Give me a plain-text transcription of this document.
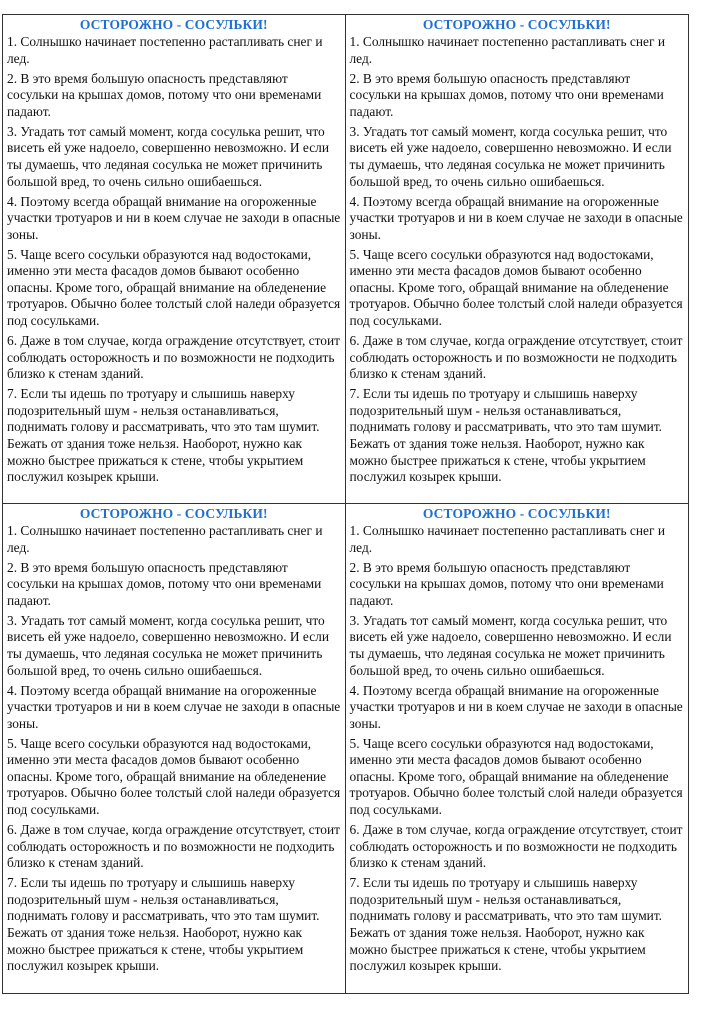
ОСТОРОЖНО - СОСУЛЬКИ!

1. Солнышко начинает постепенно растапливать снег и лед.

2. В это время большую опасность представляют сосульки на крышах домов, потому что они временами падают.

3. Угадать тот самый момент, когда сосулька решит, что висеть ей уже надоело, совершенно невозможно. И если ты думаешь, что ледяная сосулька не может причинить большой вред, то очень сильно ошибаешься.

4. Поэтому всегда обращай внимание на огороженные участки тротуаров и ни в коем случае не заходи в опасные зоны.

5. Чаще всего сосульки образуются над водостоками, именно эти места фасадов домов бывают особенно опасны. Кроме того, обращай внимание на обледенение тротуаров. Обычно более толстый слой наледи образуется под сосульками.

6. Даже в том случае, когда ограждение отсутствует, стоит соблюдать осторожность и по возможности не подходить близко к стенам зданий.

7. Если ты идешь по тротуару и слышишь наверху подозрительный шум - нельзя останавливаться, поднимать голову и рассматривать, что это там шумит. Бежать от здания тоже нельзя. Наоборот, нужно как можно быстрее прижаться к стене, чтобы укрытием послужил козырек крыши.

ОСТОРОЖНО - СОСУЛЬКИ!

1. Солнышко начинает постепенно растапливать снег и лед.

2. В это время большую опасность представляют сосульки на крышах домов, потому что они временами падают.

3. Угадать тот самый момент, когда сосулька решит, что висеть ей уже надоело, совершенно невозможно. И если ты думаешь, что ледяная сосулька не может причинить большой вред, то очень сильно ошибаешься.

4. Поэтому всегда обращай внимание на огороженные участки тротуаров и ни в коем случае не заходи в опасные зоны.

5. Чаще всего сосульки образуются над водостоками, именно эти места фасадов домов бывают особенно опасны. Кроме того, обращай внимание на обледенение тротуаров. Обычно более толстый слой наледи образуется под сосульками.

6. Даже в том случае, когда ограждение отсутствует, стоит соблюдать осторожность и по возможности не подходить близко к стенам зданий.

7. Если ты идешь по тротуару и слышишь наверху подозрительный шум - нельзя останавливаться, поднимать голову и рассматривать, что это там шумит. Бежать от здания тоже нельзя. Наоборот, нужно как можно быстрее прижаться к стене, чтобы укрытием послужил козырек крыши.

ОСТОРОЖНО - СОСУЛЬКИ!

1. Солнышко начинает постепенно растапливать снег и лед.

2. В это время большую опасность представляют сосульки на крышах домов, потому что они временами падают.

3. Угадать тот самый момент, когда сосулька решит, что висеть ей уже надоело, совершенно невозможно. И если ты думаешь, что ледяная сосулька не может причинить большой вред, то очень сильно ошибаешься.

4. Поэтому всегда обращай внимание на огороженные участки тротуаров и ни в коем случае не заходи в опасные зоны.

5. Чаще всего сосульки образуются над водостоками, именно эти места фасадов домов бывают особенно опасны. Кроме того, обращай внимание на обледенение тротуаров. Обычно более толстый слой наледи образуется под сосульками.

6. Даже в том случае, когда ограждение отсутствует, стоит соблюдать осторожность и по возможности не подходить близко к стенам зданий.

7. Если ты идешь по тротуару и слышишь наверху подозрительный шум - нельзя останавливаться, поднимать голову и рассматривать, что это там шумит. Бежать от здания тоже нельзя. Наоборот, нужно как можно быстрее прижаться к стене, чтобы укрытием послужил козырек крыши.

ОСТОРОЖНО - СОСУЛЬКИ!

1. Солнышко начинает постепенно растапливать снег и лед.

2. В это время большую опасность представляют сосульки на крышах домов, потому что они временами падают.

3. Угадать тот самый момент, когда сосулька решит, что висеть ей уже надоело, совершенно невозможно. И если ты думаешь, что ледяная сосулька не может причинить большой вред, то очень сильно ошибаешься.

4. Поэтому всегда обращай внимание на огороженные участки тротуаров и ни в коем случае не заходи в опасные зоны.

5. Чаще всего сосульки образуются над водостоками, именно эти места фасадов домов бывают особенно опасны. Кроме того, обращай внимание на обледенение тротуаров. Обычно более толстый слой наледи образуется под сосульками.

6. Даже в том случае, когда ограждение отсутствует, стоит соблюдать осторожность и по возможности не подходить близко к стенам зданий.

7. Если ты идешь по тротуару и слышишь наверху подозрительный шум - нельзя останавливаться, поднимать голову и рассматривать, что это там шумит. Бежать от здания тоже нельзя. Наоборот, нужно как можно быстрее прижаться к стене, чтобы укрытием послужил козырек крыши.
